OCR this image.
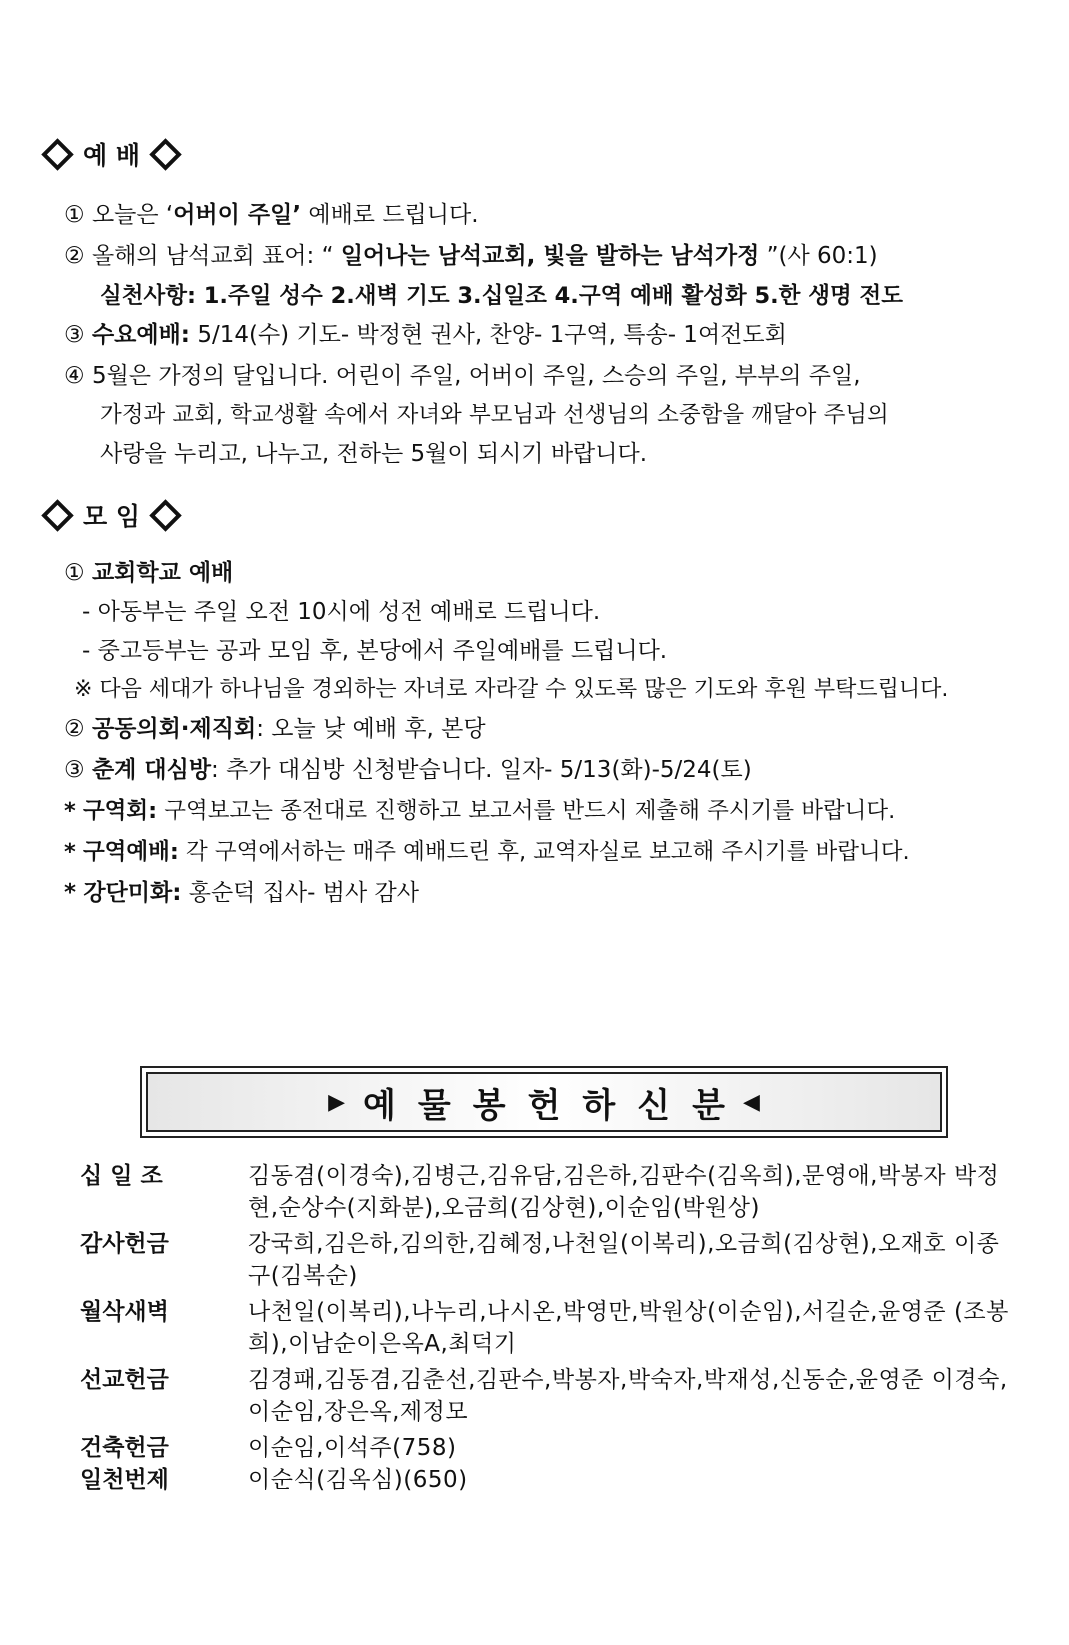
예 배
① 오늘은 ‘어버이 주일’ 예배로 드립니다.
② 올해의 남석교회 표어: “ 일어나는 남석교회, 빛을 발하는 남석가정 ”(사 60:1)
실천사항: 1.주일 성수 2.새벽 기도 3.십일조 4.구역 예배 활성화 5.한 생명 전도
③ 수요예배: 5/14(수) 기도- 박정현 권사, 찬양- 1구역, 특송- 1여전도회
④ 5월은 가정의 달입니다. 어린이 주일, 어버이 주일, 스승의 주일, 부부의 주일,
가정과 교회, 학교생활 속에서 자녀와 부모님과 선생님의 소중함을 깨달아 주님의
사랑을 누리고, 나누고, 전하는 5월이 되시기 바랍니다.
모 임
① 교회학교 예배
- 아동부는 주일 오전 10시에 성전 예배로 드립니다.
- 중고등부는 공과 모임 후, 본당에서 주일예배를 드립니다.
※ 다음 세대가 하나님을 경외하는 자녀로 자라갈 수 있도록 많은 기도와 후원 부탁드립니다.
② 공동의회·제직회: 오늘 낮 예배 후, 본당
③ 춘계 대심방: 추가 대심방 신청받습니다. 일자- 5/13(화)-5/24(토)
* 구역회: 구역보고는 종전대로 진행하고 보고서를 반드시 제출해 주시기를 바랍니다.
* 구역예배: 각 구역에서하는 매주 예배드린 후, 교역자실로 보고해 주시기를 바랍니다.
* 강단미화: 홍순덕 집사- 범사 감사
▶ 예물봉헌하신분
◀
십 일 조	김동겸(이경숙),김병근,김유담,김은하,김판수(김옥희),문영애,박봉자 박정현,순상수(지화분),오금희(김상현),이순임(박원상)
감사헌금	강국희,김은하,김의한,김혜정,나천일(이복리),오금희(김상현),오재호 이종구(김복순)
월삭새벽	나천일(이복리),나누리,나시온,박영만,박원상(이순임),서길순,윤영준 (조봉희),이남순이은옥A,최덕기
선교헌금	김경패,김동겸,김춘선,김판수,박봉자,박숙자,박재성,신동순,윤영준 이경숙,이순임,장은옥,제정모
건축헌금	이순임,이석주(758)
일천번제	이순식(김옥심)(650)
